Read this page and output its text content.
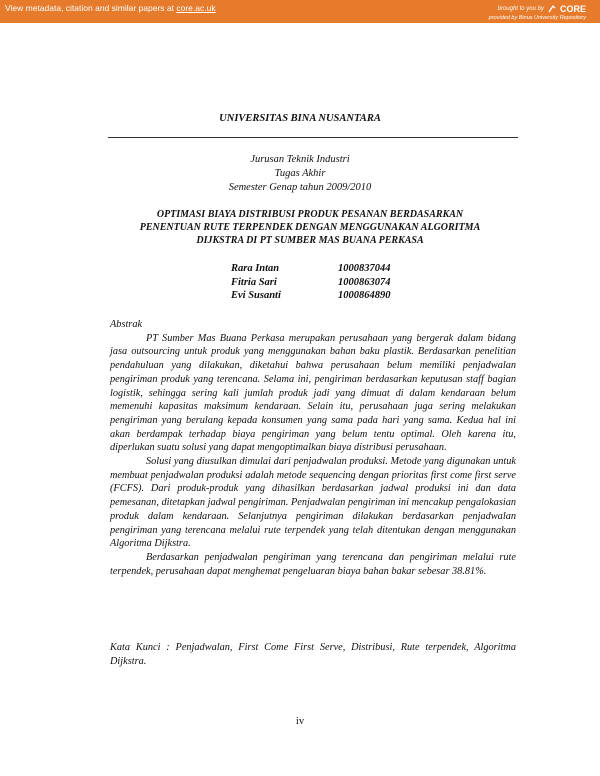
View metadata, citation and similar papers at core.ac.uk	brought to you by CORE
provided by Binus University Repository
UNIVERSITAS BINA NUSANTARA
Jurusan Teknik Industri
Tugas Akhir
Semester Genap tahun 2009/2010
OPTIMASI BIAYA DISTRIBUSI PRODUK PESANAN BERDASARKAN
PENENTUAN RUTE TERPENDEK DENGAN MENGGUNAKAN ALGORITMA
DIJKSTRA DI PT SUMBER MAS BUANA PERKASA
Rara Intan	1000837044
Fitria Sari	1000863074
Evi Susanti	1000864890

Abstrak

PT Sumber Mas Buana Perkasa merupakan perusahaan yang bergerak dalam bidang jasa outsourcing untuk produk yang menggunakan bahan baku plastik. Berdasarkan penelitian pendahuluan yang dilakukan, diketahui bahwa perusahaan belum memiliki penjadwalan pengiriman produk yang terencana. Selama ini, pengiriman berdasarkan keputusan staff bagian logistik, sehingga sering kali jumlah produk jadi yang dimuat di dalam kendaraan belum memenuhi kapasitas maksimum kendaraan. Selain itu, perusahaan juga sering melakukan pengiriman yang berulang kepada konsumen yang sama pada hari yang sama. Kedua hal ini akan berdampak terhadap biaya pengiriman yang belum tentu optimal. Oleh karena itu, diperlukan suatu solusi yang dapat mengoptimalkan biaya distribusi perusahaan.

Solusi yang diusulkan dimulai dari penjadwalan produksi. Metode yang digunakan untuk membuat penjadwalan produksi adalah metode sequencing dengan prioritas first come first serve (FCFS). Dari produk-produk yang dihasilkan berdasarkan jadwal produksi ini dan data pemesanan, ditetapkan jadwal pengiriman. Penjadwalan pengiriman ini mencakup pengalokasian produk dalam kendaraan. Selanjutnya pengiriman dilakukan berdasarkan penjadwalan pengiriman yang terencana melalui rute terpendek yang telah ditentukan dengan menggunakan Algoritma Dijkstra.

Berdasarkan penjadwalan pengiriman yang terencana dan pengiriman melalui rute terpendek, perusahaan dapat menghemat pengeluaran biaya bahan bakar sebesar 38.81%.

Kata Kunci : Penjadwalan, First Come First Serve, Distribusi, Rute terpendek, Algoritma Dijkstra.
iv
